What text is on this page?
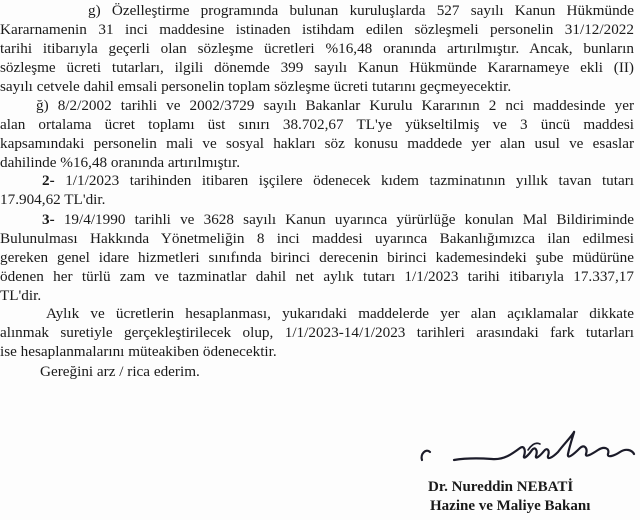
g) Özelleştirme programında bulunan kuruluşlarda 527 sayılı Kanun Hükmünde
Kararnamenin 31 inci maddesine istinaden istihdam edilen sözleşmeli personelin 31/12/2022
tarihi itibarıyla geçerli olan sözleşme ücretleri %16,48 oranında artırılmıştır. Ancak, bunların
sözleşme ücreti tutarları, ilgili dönemde 399 sayılı Kanun Hükmünde Kararnameye ekli (II)
sayılı cetvele dahil emsali personelin toplam sözleşme ücreti tutarını geçmeyecektir.
ğ) 8/2/2002 tarihli ve 2002/3729 sayılı Bakanlar Kurulu Kararının 2 nci maddesinde yer
alan ortalama ücret toplamı üst sınırı 38.702,67 TL'ye yükseltilmiş ve 3 üncü maddesi
kapsamındaki personelin mali ve sosyal hakları söz konusu maddede yer alan usul ve esaslar
dahilinde %16,48 oranında artırılmıştır.
2- 1/1/2023 tarihinden itibaren işçilere ödenecek kıdem tazminatının yıllık tavan tutarı
17.904,62 TL'dir.
3- 19/4/1990 tarihli ve 3628 sayılı Kanun uyarınca yürürlüğe konulan Mal Bildiriminde
Bulunulması Hakkında Yönetmeliğin 8 inci maddesi uyarınca Bakanlığımızca ilan edilmesi
gereken genel idare hizmetleri sınıfında birinci derecenin birinci kademesindeki şube müdürüne
ödenen her türlü zam ve tazminatlar dahil net aylık tutarı 1/1/2023 tarihi itibarıyla 17.337,17
TL'dir.
Aylık ve ücretlerin hesaplanması, yukarıdaki maddelerde yer alan açıklamalar dikkate
alınmak suretiyle gerçekleştirilecek olup, 1/1/2023-14/1/2023 tarihleri arasındaki fark tutarları
ise hesaplanmalarını müteakiben ödenecektir.
Gereğini arz / rica ederim.
Dr. Nureddin NEBATİ
Hazine ve Maliye Bakanı
